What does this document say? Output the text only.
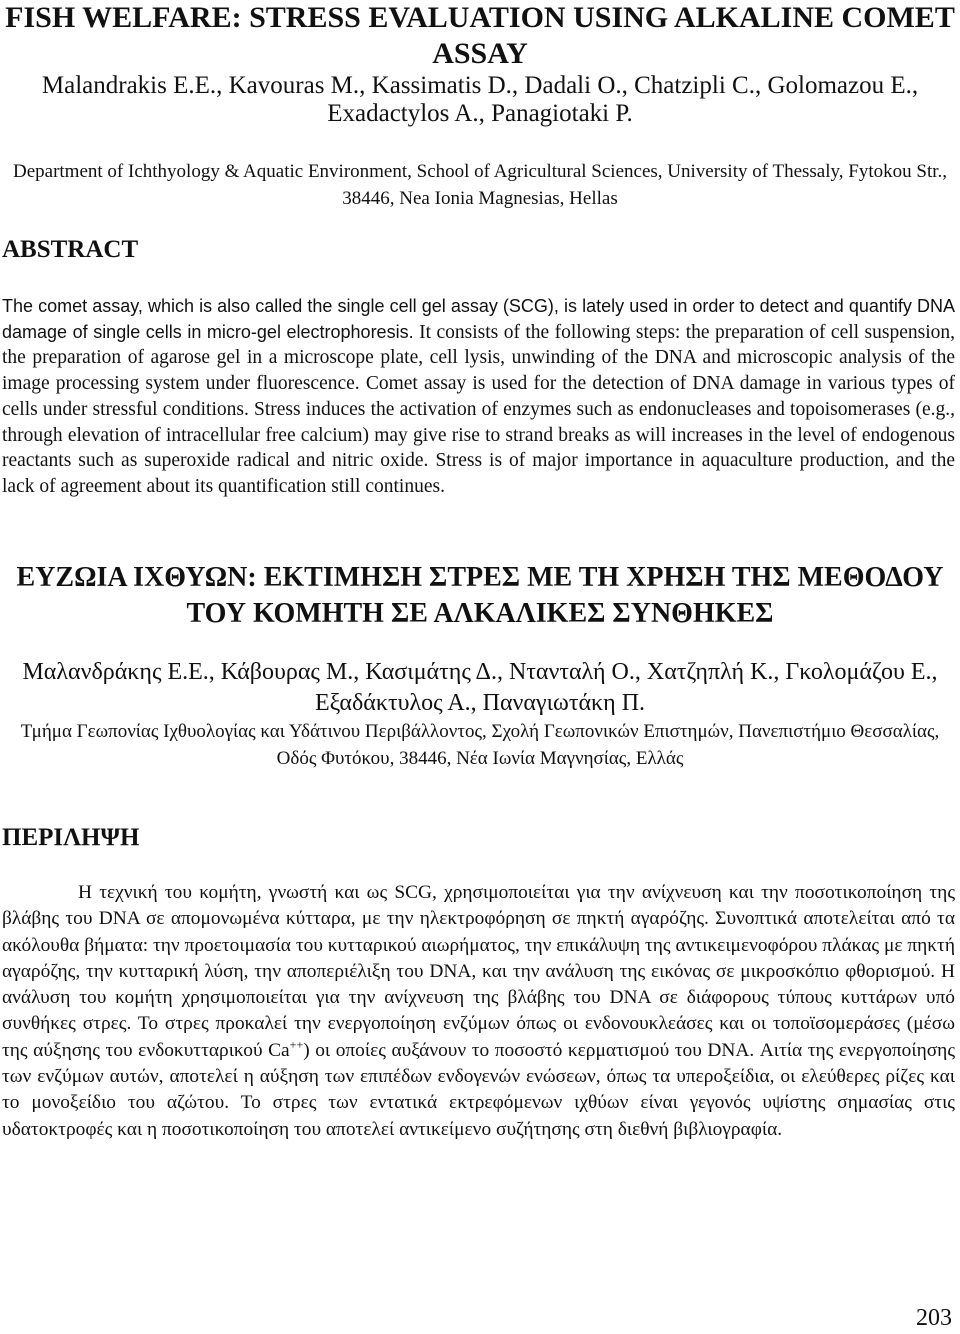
FISH WELFARE: STRESS EVALUATION USING ALKALINE COMET ASSAY

Malandrakis E.E., Kavouras M., Kassimatis D., Dadali O., Chatzipli C., Golomazou E., Exadactylos A., Panagiotaki P.

Department of Ichthyology & Aquatic Environment, School of Agricultural Sciences, University of Thessaly, Fytokou Str., 38446, Nea Ionia Magnesias, Hellas

ABSTRACT

The comet assay, which is also called the single cell gel assay (SCG), is lately used in order to detect and quantify DNA damage of single cells in micro-gel electrophoresis. It consists of the following steps: the preparation of cell suspension, the preparation of agarose gel in a microscope plate, cell lysis, unwinding of the DNA and microscopic analysis of the image processing system under fluorescence. Comet assay is used for the detection of DNA damage in various types of cells under stressful conditions. Stress induces the activation of enzymes such as endonucleases and topoisomerases (e.g., through elevation of intracellular free calcium) may give rise to strand breaks as will increases in the level of endogenous reactants such as superoxide radical and nitric oxide. Stress is of major importance in aquaculture production, and the lack of agreement about its quantification still continues.

ΕΥΖΩΙΑ ΙΧΘΥΩΝ: ΕΚΤΙΜΗΣΗ ΣΤΡΕΣ ΜΕ ΤΗ ΧΡΗΣΗ ΤΗΣ ΜΕΘΟΔΟΥ ΤΟΥ ΚΟΜΗΤΗ ΣΕ ΑΛΚΑΛΙΚΕΣ ΣΥΝΘΗΚΕΣ

Μαλανδράκης Ε.Ε., Κάβουρας Μ., Κασιμάτης Δ., Ντανταλή Ο., Χατζηπλή Κ., Γκολομάζου Ε., Εξαδάκτυλος Α., Παναγιωτάκη Π.

Τμήμα Γεωπονίας Ιχθυολογίας και Υδάτινου Περιβάλλοντος, Σχολή Γεωπονικών Επιστημών, Πανεπιστήμιο Θεσσαλίας, Οδός Φυτόκου, 38446, Νέα Ιωνία Μαγνησίας, Ελλάς

ΠΕΡΙΛΗΨΗ

Η τεχνική του κομήτη, γνωστή και ως SCG, χρησιμοποιείται για την ανίχνευση και την ποσοτικοποίηση της βλάβης του DNA σε απομονωμένα κύτταρα, με την ηλεκτροφόρηση σε πηκτή αγαρόζης. Συνοπτικά αποτελείται από τα ακόλουθα βήματα: την προετοιμασία του κυτταρικού αιωρήματος, την επικάλυψη της αντικειμενοφόρου πλάκας με πηκτή αγαρόζης, την κυτταρική λύση, την αποπεριέλιξη του DNA, και την ανάλυση της εικόνας σε μικροσκόπιο φθορισμού. Η ανάλυση του κομήτη χρησιμοποιείται για την ανίχνευση της βλάβης του DNA σε διάφορους τύπους κυττάρων υπό συνθήκες στρες. Το στρες προκαλεί την ενεργοποίηση ενζύμων όπως οι ενδονουκλεάσες και οι τοποϊσομεράσες (μέσω της αύξησης του ενδοκυτταρικού Ca++) οι οποίες αυξάνουν το ποσοστό κερματισμού του DNA. Αιτία της ενεργοποίησης των ενζύμων αυτών, αποτελεί η αύξηση των επιπέδων ενδογενών ενώσεων, όπως τα υπεροξείδια, οι ελεύθερες ρίζες και το μονοξείδιο του αζώτου. Το στρες των εντατικά εκτρεφόμενων ιχθύων είναι γεγονός υψίστης σημασίας στις υδατοκτροφές και η ποσοτικοποίηση του αποτελεί αντικείμενο συζήτησης στη διεθνή βιβλιογραφία.

203
